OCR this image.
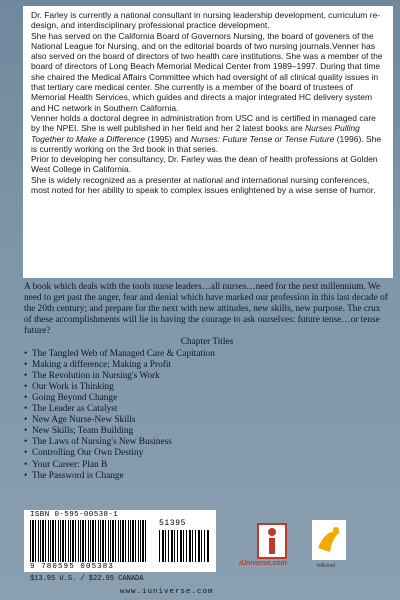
Dr. Farley is currently a national consultant in nursing leadership development, curriculum re-design, and interdisciplinary professional practice development.

She has served on the California Board of Governors Nursing, the board of goveners of the National League for Nursing, and on the editorial boards of two nursing journals.Venner has also served on the board of directors of two health care institutions. She was a member of the board of directors of Long Beach Memorial Medical Center from 1989–1997. During that time she chaired the Medical Affairs Committee which had oversight of all clinical quality issues in that tertiary care medical center. She currently is a member of the board of trustees of Memorial Health Services, which guides and directs a major integrated HC delivery system and HC network in Southern California.

Venner holds a doctoral degree in administration from USC and is certified in managed care by the NPEI. She is well published in her field and her 2 latest books are Nurses Pulling Together to Make a Difference (1995) and Nurses: Future Tense or Tense Future (1996). She is currently working on the 3rd book in that series.

Prior to developing her consultancy, Dr. Farley was the dean of health professions at Golden West College in California.

She is widely recognized as a presenter at national and international nursing conferences, most noted for her ability to speak to complex issues enlightened by a wise sense of humor.

A book which deals with the tools nurse leaders…all nurses…need for the next millennium. We need to get past the anger, fear and denial which have marked our profession in this last decade of the 20th century; and prepare for the next with new attitudes, new skills, new purpose. The crux of these accomplishments will lie in having the courage to ask ourselves: future tense…or tense future?

Chapter Titles

• The Tangled Web of Managed Care & Capitation
• Making a difference; Making a Profit
• The Revolution in Nursing's Work
• Our Work is Thinking
• Going Beyond Change
• The Leader as Catalyst
• New Age Nurse-New Skills
• New Skills; Team Building
• The Laws of Nursing's New Business
• Controlling Our Own Destiny
• Your Career: Plan B
• The Password is Change
ISBN 0-595-00538-1
51395
9 780595 005383
$13.95 U.S. / $22.95 CANADA
www.iuniverse.com
iUniverse.com	toExcel
